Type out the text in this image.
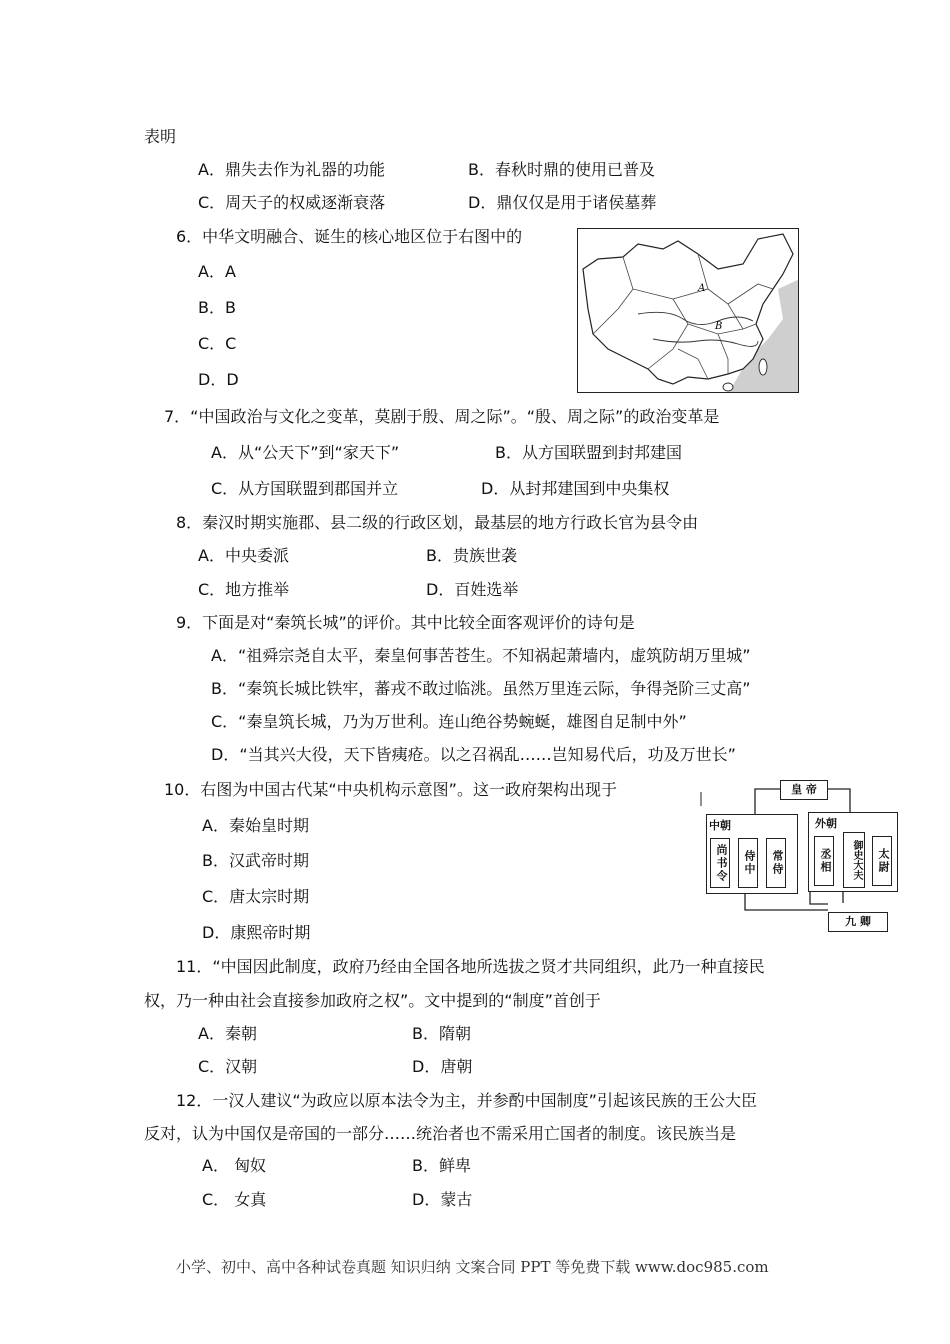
表明
A．鼎失去作为礼器的功能	B．春秋时鼎的使用已普及
C．周天子的权威逐渐衰落	D．鼎仅仅是用于诸侯墓葬
6．中华文明融合、诞生的核心地区位于右图中的
A．A
B．B
C．C
D．D
A
B
7．“中国政治与文化之变革，莫剧于殷、周之际”。“殷、周之际”的政治变革是
A．从“公天下”到“家天下”	B．从方国联盟到封邦建国
C．从方国联盟到郡国并立	D．从封邦建国到中央集权
8．秦汉时期实施郡、县二级的行政区划，最基层的地方行政长官为县令由
A．中央委派	B．贵族世袭
C．地方推举	D．百姓选举
9．下面是对“秦筑长城”的评价。其中比较全面客观评价的诗句是
A．“祖舜宗尧自太平，秦皇何事苦苍生。不知祸起萧墙内，虚筑防胡万里城”
B．“秦筑长城比铁牢，蕃戎不敢过临洮。虽然万里连云际，争得尧阶三丈高”
C．“秦皇筑长城，乃为万世利。连山绝谷势蜿蜒，雄图自足制中外”
D．“当其兴大役，天下皆痍疮。以之召祸乱……岂知易代后，功及万世长”
10．右图为中国古代某“中央机构示意图”。这一政府架构出现于
A．秦始皇时期
B．汉武帝时期
C．唐太宗时期
D．康熙帝时期
皇 帝
中朝
尚书令	侍中	常侍
外朝
丞相	御史大夫	太尉
九 卿
11．“中国因此制度，政府乃经由全国各地所选拔之贤才共同组织，此乃一种直接民
权，乃一种由社会直接参加政府之权”。文中提到的“制度”首创于
A．秦朝	B．隋朝
C．汉朝	D．唐朝
12．一汉人建议“为政应以原本法令为主，并参酌中国制度”引起该民族的王公大臣
反对，认为中国仅是帝国的一部分……统治者也不需采用亡国者的制度。该民族当是
A． 匈奴	B．鲜卑
C． 女真	D．蒙古
小学、初中、高中各种试卷真题 知识归纳 文案合同 PPT 等免费下载 www.doc985.com
